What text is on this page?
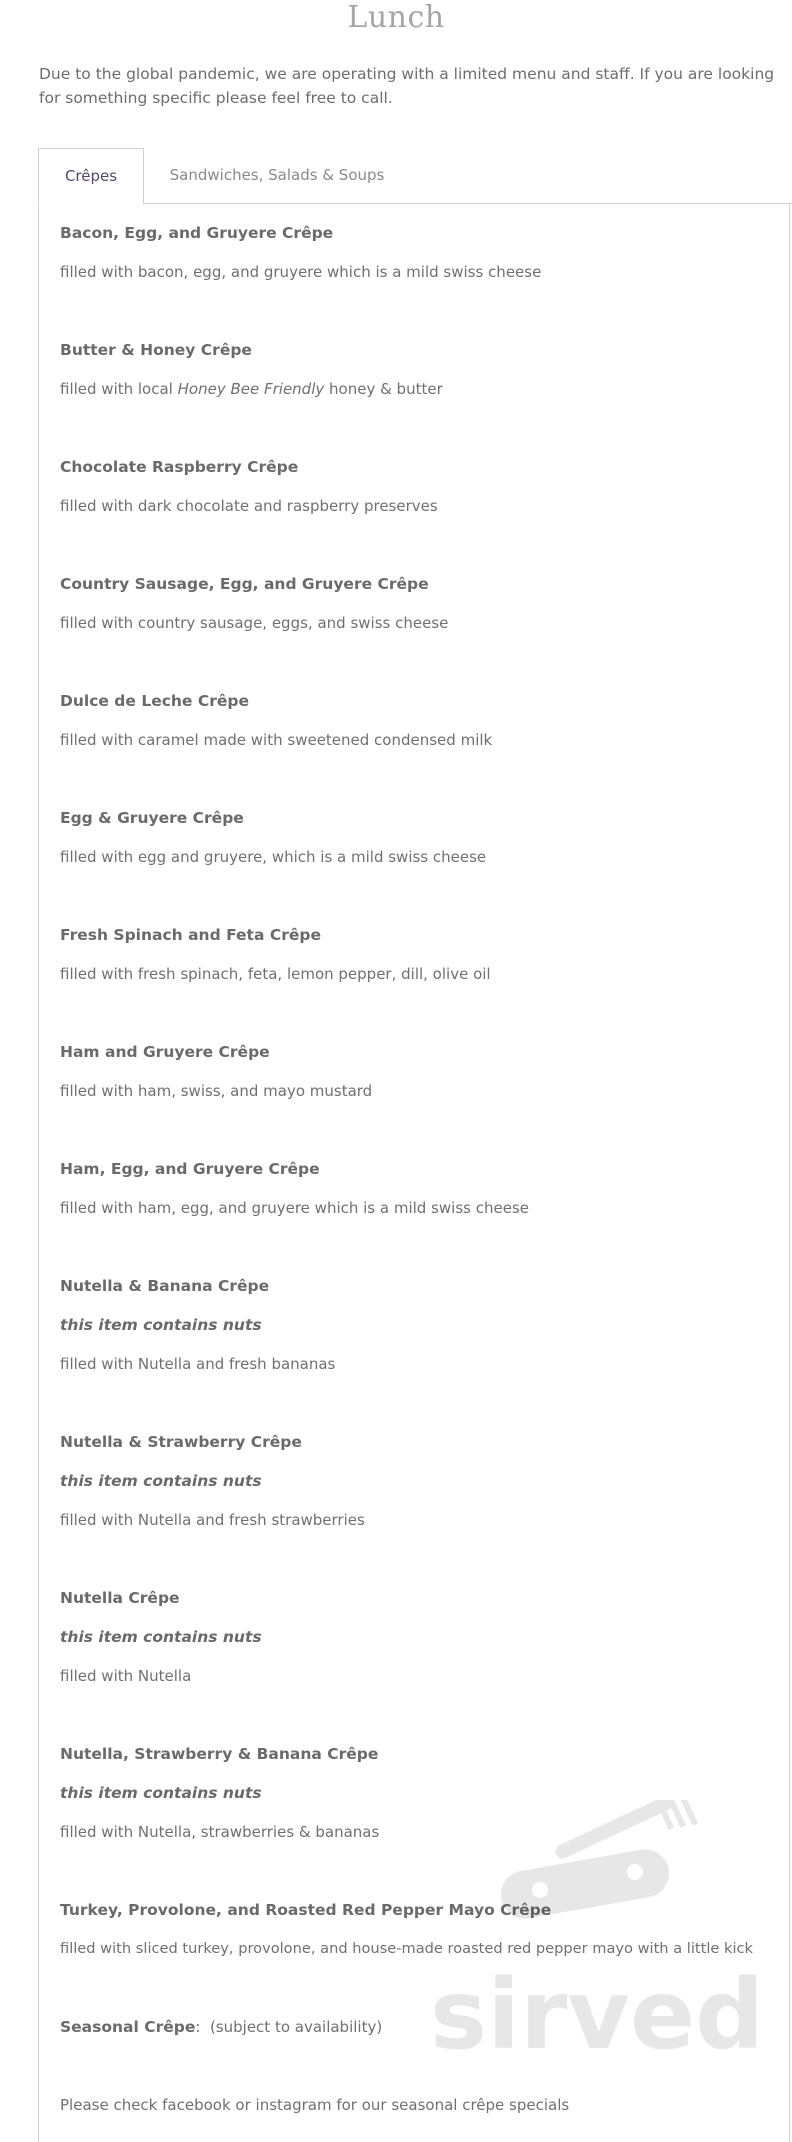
Lunch
Due to the global pandemic, we are operating with a limited menu and staff. If you are looking for something specific please feel free to call.
Crêpes	Sandwiches, Salads & Soups
Bacon, Egg, and Gruyere Crêpe
filled with bacon, egg, and gruyere which is a mild swiss cheese
Butter & Honey Crêpe
filled with local Honey Bee Friendly honey & butter
Chocolate Raspberry Crêpe
filled with dark chocolate and raspberry preserves
Country Sausage, Egg, and Gruyere Crêpe
filled with country sausage, eggs, and swiss cheese
Dulce de Leche Crêpe
filled with caramel made with sweetened condensed milk
Egg & Gruyere Crêpe
filled with egg and gruyere, which is a mild swiss cheese
Fresh Spinach and Feta Crêpe
filled with fresh spinach, feta, lemon pepper, dill, olive oil
Ham and Gruyere Crêpe
filled with ham, swiss, and mayo mustard
Ham, Egg, and Gruyere Crêpe
filled with ham, egg, and gruyere which is a mild swiss cheese
Nutella & Banana Crêpe
this item contains nuts
filled with Nutella and fresh bananas
Nutella & Strawberry Crêpe
this item contains nuts
filled with Nutella and fresh strawberries
Nutella Crêpe
this item contains nuts
filled with Nutella
Nutella, Strawberry & Banana Crêpe
this item contains nuts
filled with Nutella, strawberries & bananas
Turkey, Provolone, and Roasted Red Pepper Mayo Crêpe
filled with sliced turkey, provolone, and house-made roasted red pepper mayo with a little kick
Seasonal Crêpe:  (subject to availability)
Please check facebook or instagram for our seasonal crêpe specials
sirved
